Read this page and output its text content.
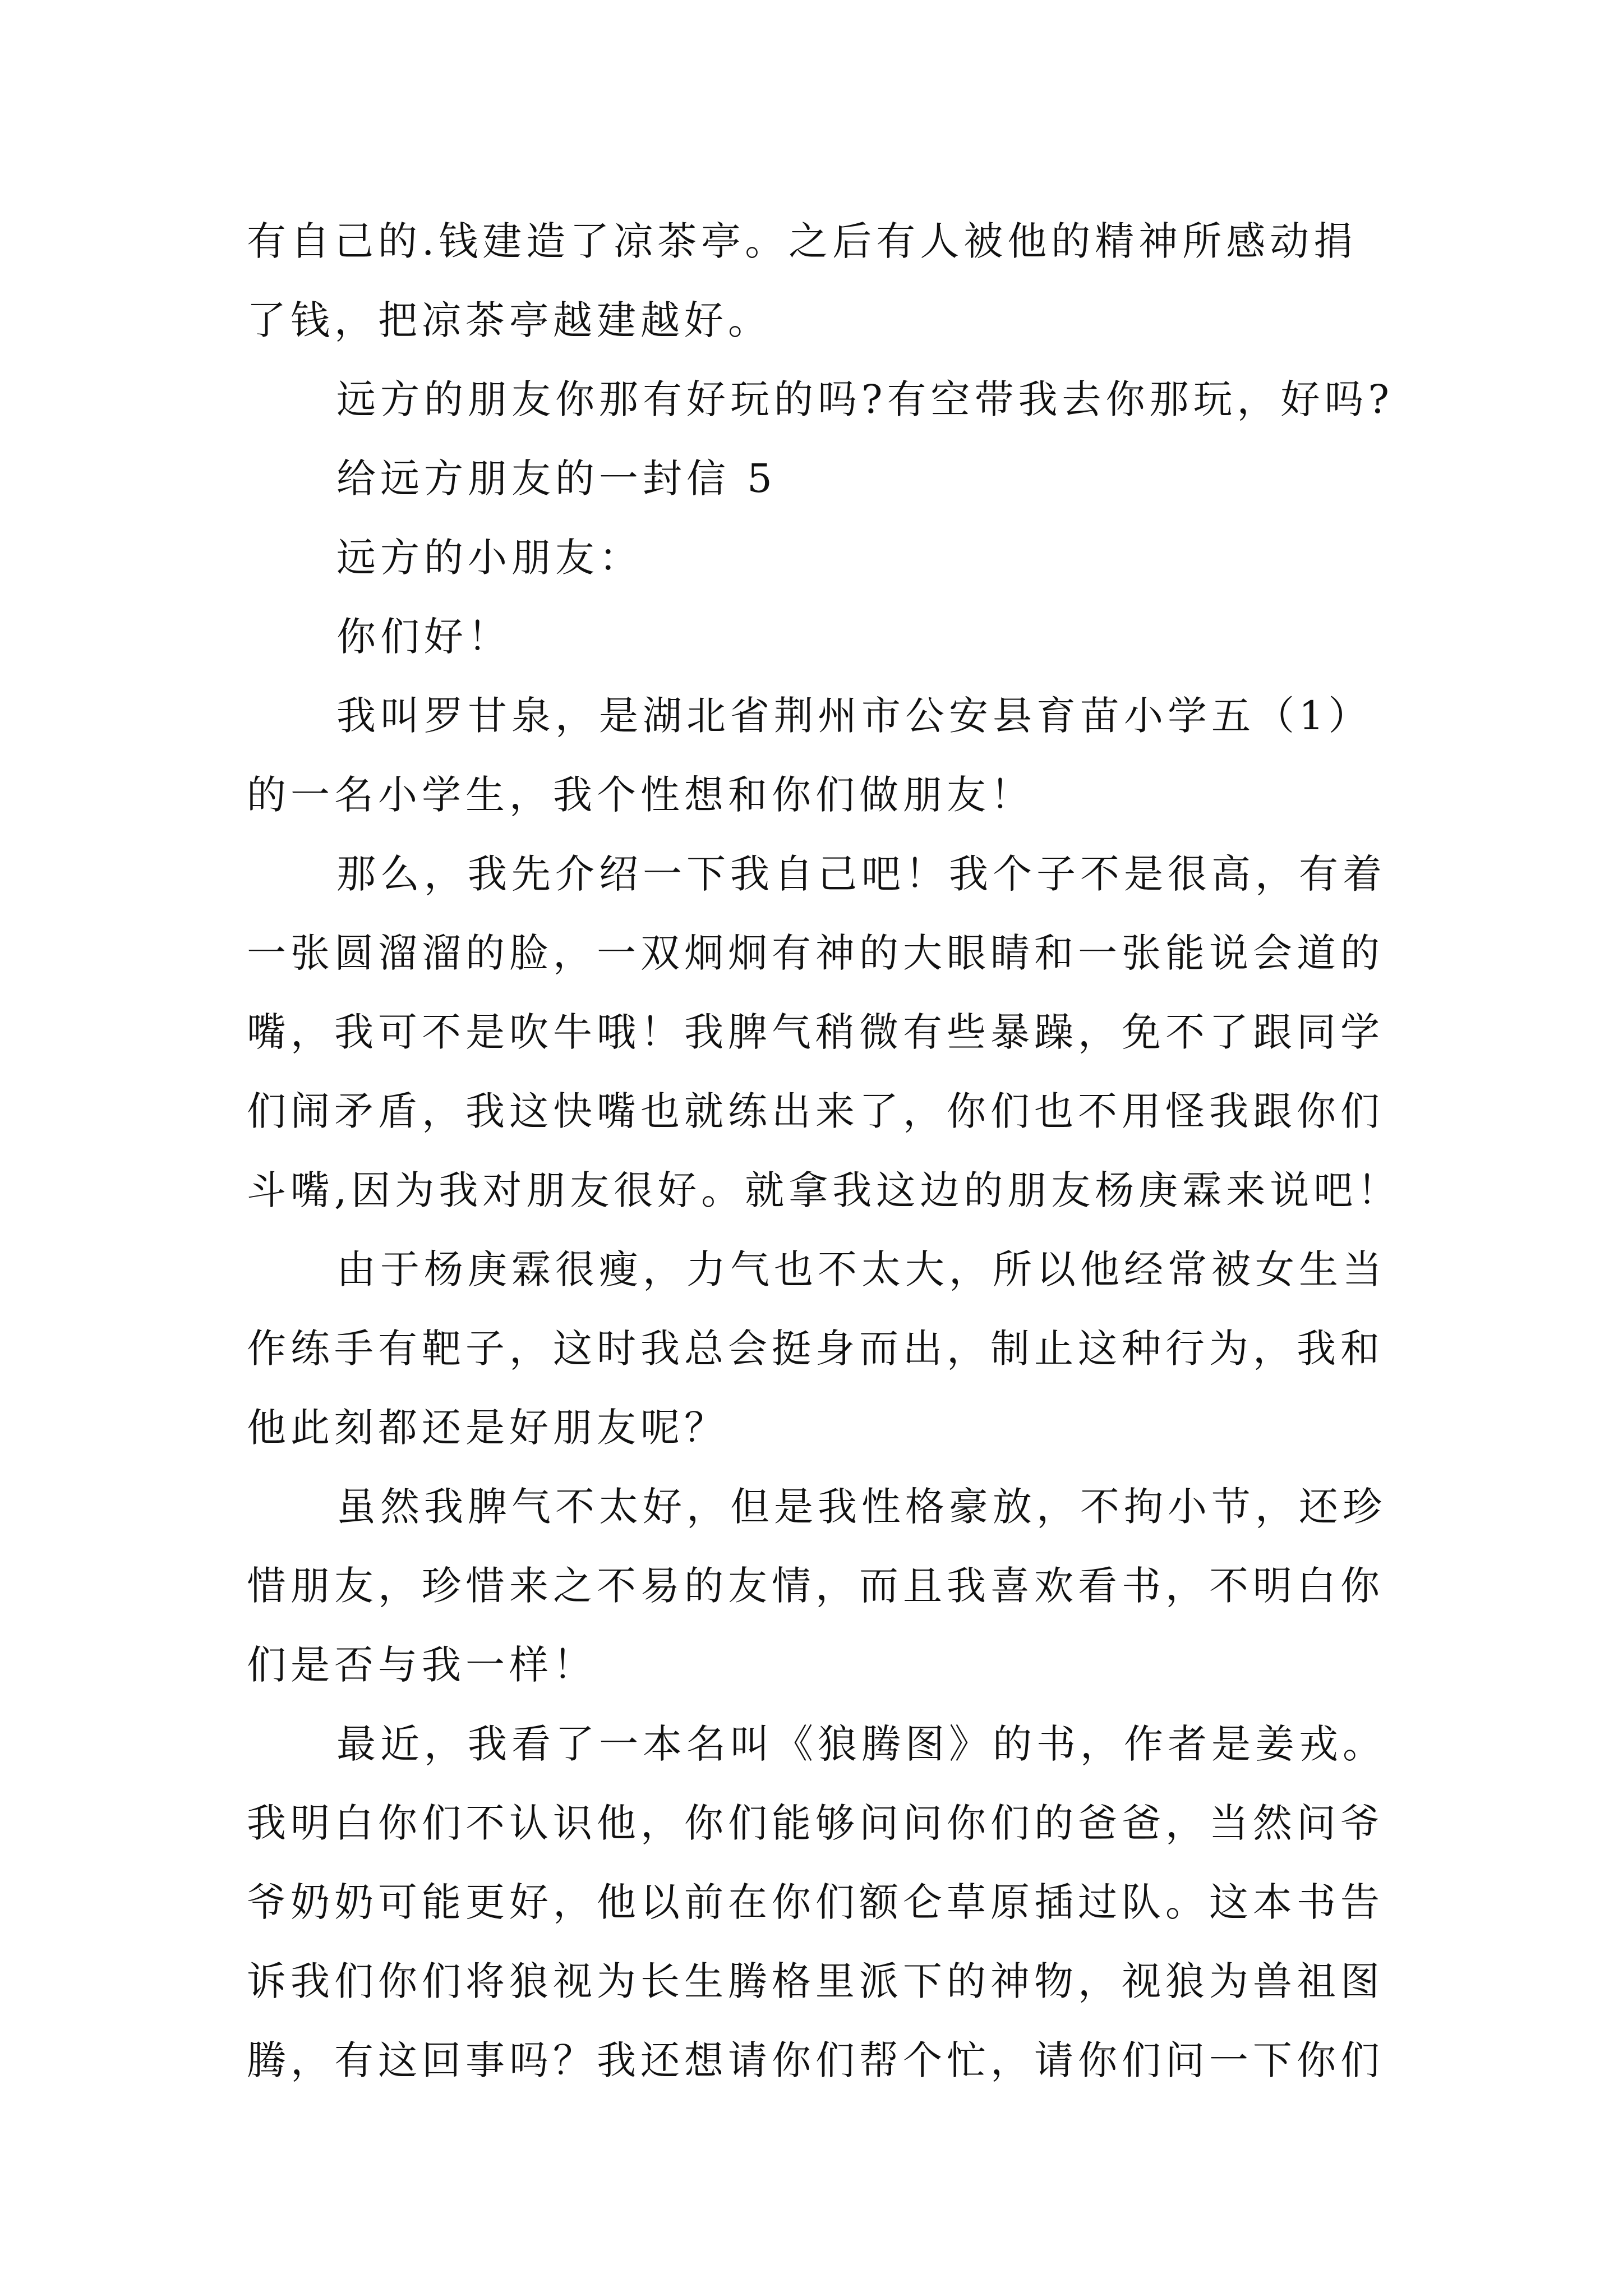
有自己的.钱建造了凉茶亭。之后有人被他的精神所感动捐
了钱，把凉茶亭越建越好。
远方的朋友你那有好玩的吗?有空带我去你那玩，好吗?
给远方朋友的一封信 5
远方的小朋友：
你们好！
我叫罗甘泉，是湖北省荆州市公安县育苗小学五（1）
的一名小学生，我个性想和你们做朋友！
那么，我先介绍一下我自己吧！我个子不是很高，有着
一张圆溜溜的脸，一双炯炯有神的大眼睛和一张能说会道的
嘴，我可不是吹牛哦！我脾气稍微有些暴躁，免不了跟同学
们闹矛盾，我这快嘴也就练出来了，你们也不用怪我跟你们
斗嘴,因为我对朋友很好。就拿我这边的朋友杨庚霖来说吧！
由于杨庚霖很瘦，力气也不太大，所以他经常被女生当
作练手有靶子，这时我总会挺身而出，制止这种行为，我和
他此刻都还是好朋友呢？
虽然我脾气不太好，但是我性格豪放，不拘小节，还珍
惜朋友，珍惜来之不易的友情，而且我喜欢看书，不明白你
们是否与我一样！
最近，我看了一本名叫《狼腾图》的书，作者是姜戎。
我明白你们不认识他，你们能够问问你们的爸爸，当然问爷
爷奶奶可能更好，他以前在你们额仑草原插过队。这本书告
诉我们你们将狼视为长生腾格里派下的神物，视狼为兽祖图
腾，有这回事吗？我还想请你们帮个忙，请你们问一下你们
